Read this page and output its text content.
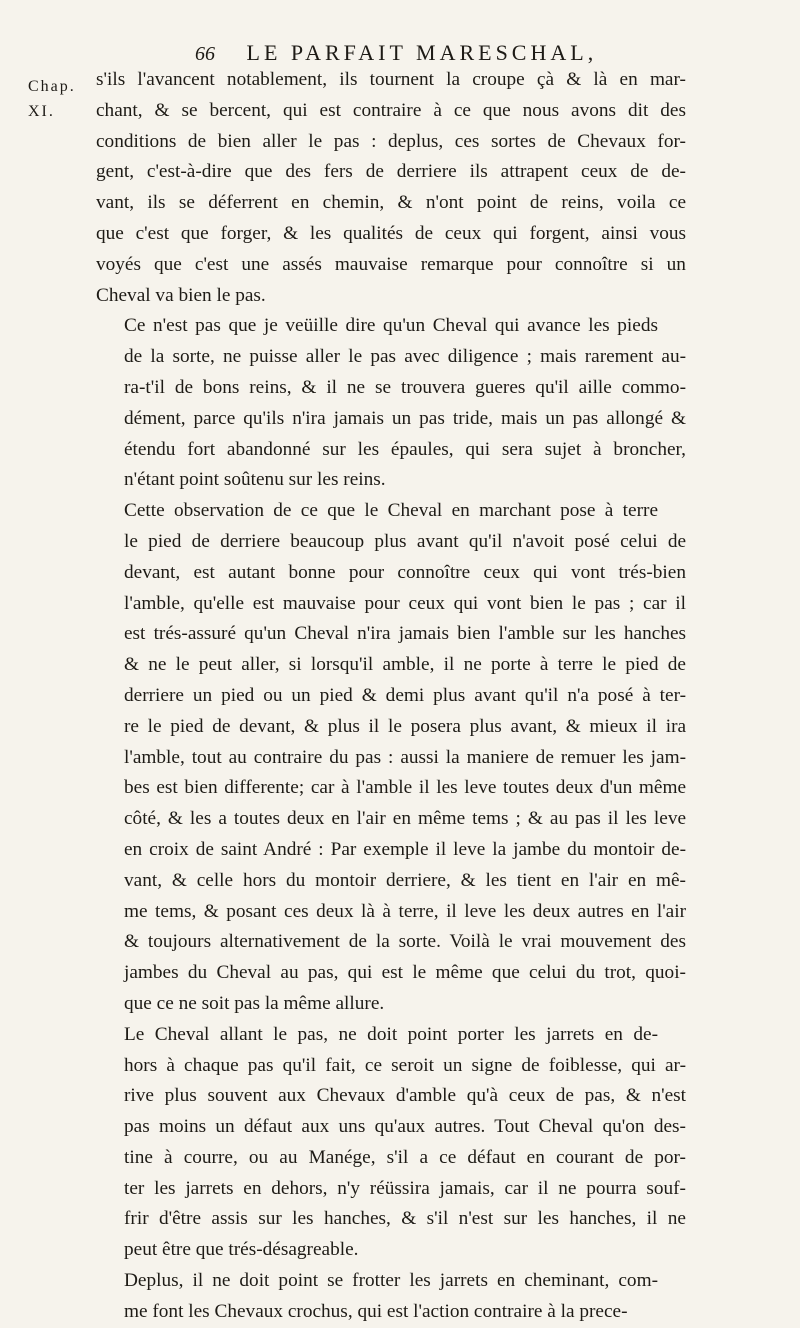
66 LE PARFAIT MARESCHAL,
Chap.
XI.

s'ils l'avancent notablement, ils tournent la croupe çà & là en mar-
chant, & se bercent, qui est contraire à ce que nous avons dit des
conditions de bien aller le pas : deplus, ces sortes de Chevaux for-
gent, c'est-à-dire que des fers de derriere ils attrapent ceux de de-
vant, ils se déferrent en chemin, & n'ont point de reins, voila ce
que c'est que forger, & les qualités de ceux qui forgent, ainsi vous
voyés que c'est une assés mauvaise remarque pour connoître si un
Cheval va bien le pas.

Ce n'est pas que je veüille dire qu'un Cheval qui avance les pieds
de la sorte, ne puisse aller le pas avec diligence ; mais rarement au-
ra-t'il de bons reins, & il ne se trouvera gueres qu'il aille commo-
dément, parce qu'ils n'ira jamais un pas tride, mais un pas allongé &
étendu fort abandonné sur les épaules, qui sera sujet à broncher,
n'étant point soûtenu sur les reins.

Cette observation de ce que le Cheval en marchant pose à terre
le pied de derriere beaucoup plus avant qu'il n'avoit posé celui de
devant, est autant bonne pour connoître ceux qui vont trés-bien
l'amble, qu'elle est mauvaise pour ceux qui vont bien le pas ; car il
est trés-assuré qu'un Cheval n'ira jamais bien l'amble sur les hanches
& ne le peut aller, si lorsqu'il amble, il ne porte à terre le pied de
derriere un pied ou un pied & demi plus avant qu'il n'a posé à ter-
re le pied de devant, & plus il le posera plus avant, & mieux il ira
l'amble, tout au contraire du pas : aussi la maniere de remuer les jam-
bes est bien differente; car à l'amble il les leve toutes deux d'un même
côté, & les a toutes deux en l'air en même tems ; & au pas il les leve
en croix de saint André : Par exemple il leve la jambe du montoir de-
vant, & celle hors du montoir derriere, & les tient en l'air en mê-
me tems, & posant ces deux là à terre, il leve les deux autres en l'air
& toujours alternativement de la sorte. Voilà le vrai mouvement des
jambes du Cheval au pas, qui est le même que celui du trot, quoi-
que ce ne soit pas la même allure.

Le Cheval allant le pas, ne doit point porter les jarrets en de-
hors à chaque pas qu'il fait, ce seroit un signe de foiblesse, qui ar-
rive plus souvent aux Chevaux d'amble qu'à ceux de pas, & n'est
pas moins un défaut aux uns qu'aux autres. Tout Cheval qu'on des-
tine à courre, ou au Manége, s'il a ce défaut en courant de por-
ter les jarrets en dehors, n'y réüssira jamais, car il ne pourra souf-
frir d'être assis sur les hanches, & s'il n'est sur les hanches, il ne
peut être que trés-désagreable.

Deplus, il ne doit point se frotter les jarrets en cheminant, com-
me font les Chevaux crochus, qui est l'action contraire à la prece-
